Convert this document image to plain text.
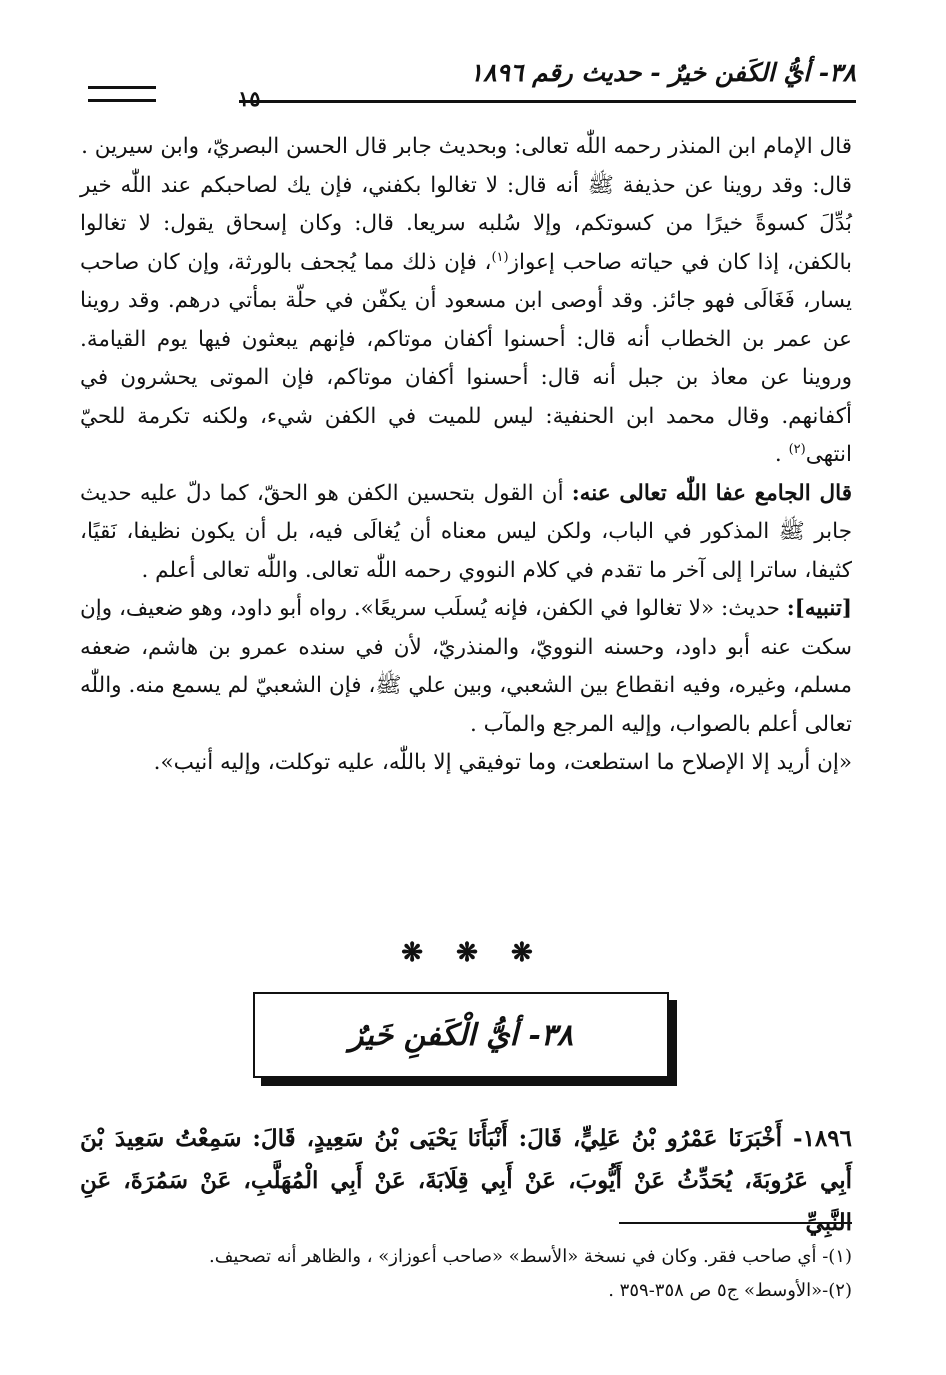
٣٨- أيُّ الكَفن خيرٌ - حديث رقم ١٨٩٦
١٥

قال الإمام ابن المنذر رحمه اللّٰه تعالى: وبحديث جابر قال الحسن البصريّ، وابن سيرين .

قال: وقد روينا عن حذيفة ﷺ أنه قال: لا تغالوا بكفني، فإن يك لصاحبكم عند اللّٰه خير بُدِّلَ كسوةً خيرًا من كسوتكم، وإلا سُلبه سريعا. قال: وكان إسحاق يقول: لا تغالوا بالكفن، إذا كان في حياته صاحب إعواز$^{(١)}$، فإن ذلك مما يُجحف بالورثة، وإن كان صاحب يسار، فَغَالَى فهو جائز. وقد أوصى ابن مسعود أن يكفّن في حلّة بمأتي درهم. وقد روينا عن عمر بن الخطاب أنه قال: أحسنوا أكفان موتاكم، فإنهم يبعثون فيها يوم القيامة. وروينا عن معاذ بن جبل أنه قال: أحسنوا أكفان موتاكم، فإن الموتى يحشرون في أكفانهم. وقال محمد ابن الحنفية: ليس للميت في الكفن شيء، ولكنه تكرمة للحيّ انتهى$^{(٢)}$ .

قال الجامع عفا اللّٰه تعالى عنه: أن القول بتحسين الكفن هو الحقّ، كما دلّ عليه حديث جابر ﷺ المذكور في الباب، ولكن ليس معناه أن يُغالَى فيه، بل أن يكون نظيفا، نَقيًا، كثيفا، ساترا إلى آخر ما تقدم في كلام النووي رحمه اللّٰه تعالى. واللّٰه تعالى أعلم .

[تنبيه]: حديث: «لا تغالوا في الكفن، فإنه يُسلَب سريعًا». رواه أبو داود، وهو ضعيف، وإن سكت عنه أبو داود، وحسنه النوويّ، والمنذريّ، لأن في سنده عمرو بن هاشم، ضعفه مسلم، وغيره، وفيه انقطاع بين الشعبي، وبين علي ﷺ، فإن الشعبيّ لم يسمع منه. واللّٰه تعالى أعلم بالصواب، وإليه المرجع والمآب .

«إن أريد إلا الإصلاح ما استطعت، وما توفيقي إلا باللّٰه، عليه توكلت، وإليه أنيب».

❋ ❋ ❋
٣٨- أيُّ الْكَفنِ خَيرٌ

١٨٩٦- أَخْبَرَنَا عَمْرُو بْنُ عَلِيٍّ، قَالَ: أَنْبَأَنَا يَحْيَى بْنُ سَعِيدٍ، قَالَ: سَمِعْتُ سَعِيدَ بْنَ أَبِي عَرُوبَةَ، يُحَدِّثُ عَنْ أَيُّوبَ، عَنْ أَبِي قِلَابَةَ، عَنْ أَبِي الْمُهَلَّبِ، عَنْ سَمُرَةَ، عَنِ النَّبِيِّ

(١)- أي صاحب فقر. وكان في نسخة «الأسط» «صاحب أعوزاز» ، والظاهر أنه تصحيف.

(٢)-«الأوسط» ج٥ ص ٣٥٨-٣٥٩ .
